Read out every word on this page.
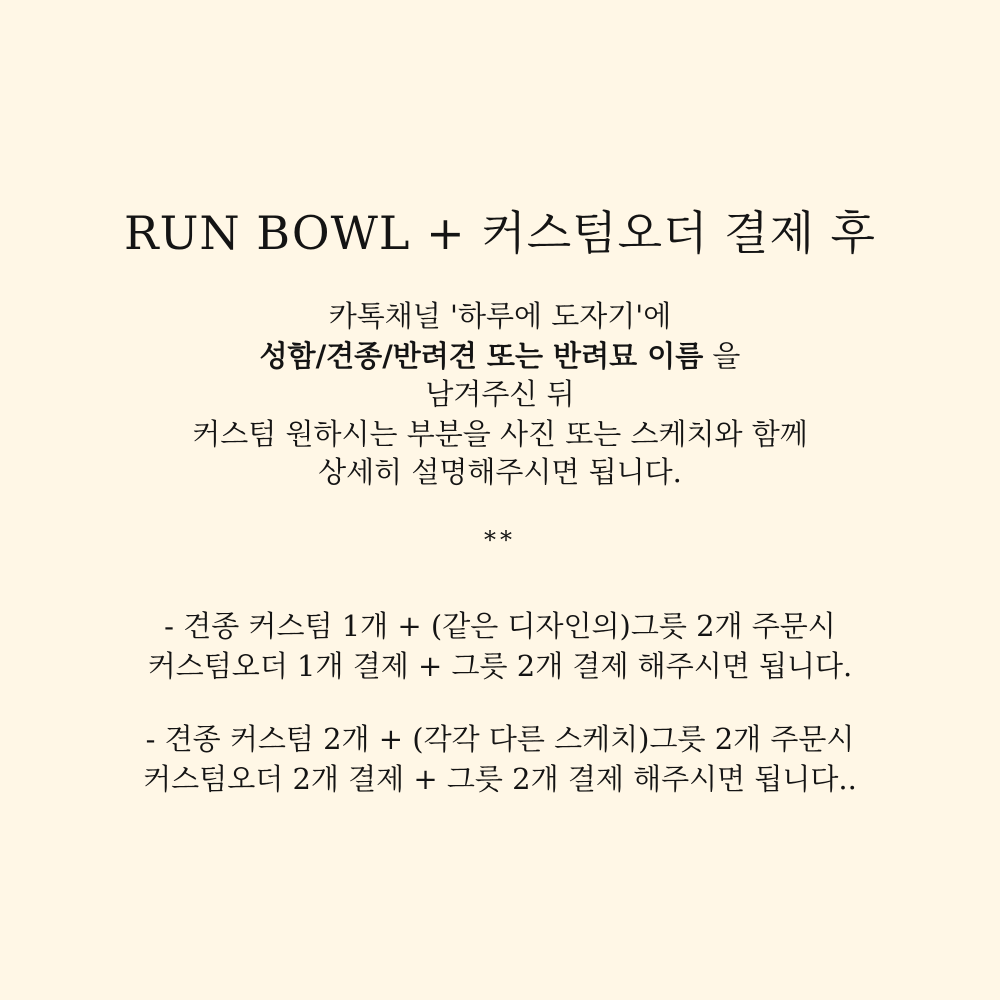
RUN BOWL + 커스텀오더 결제 후
카톡채널 '하루에 도자기'에
성함/견종/반려견 또는 반려묘 이름 을
남겨주신 뒤
커스텀 원하시는 부분을 사진 또는 스케치와 함께
상세히 설명해주시면 됩니다.
**
- 견종 커스텀 1개 + (같은 디자인의)그릇 2개 주문시
커스텀오더 1개 결제 + 그릇 2개 결제 해주시면 됩니다.
- 견종 커스텀 2개 + (각각 다른 스케치)그릇 2개 주문시
커스텀오더 2개 결제 + 그릇 2개 결제 해주시면 됩니다..
